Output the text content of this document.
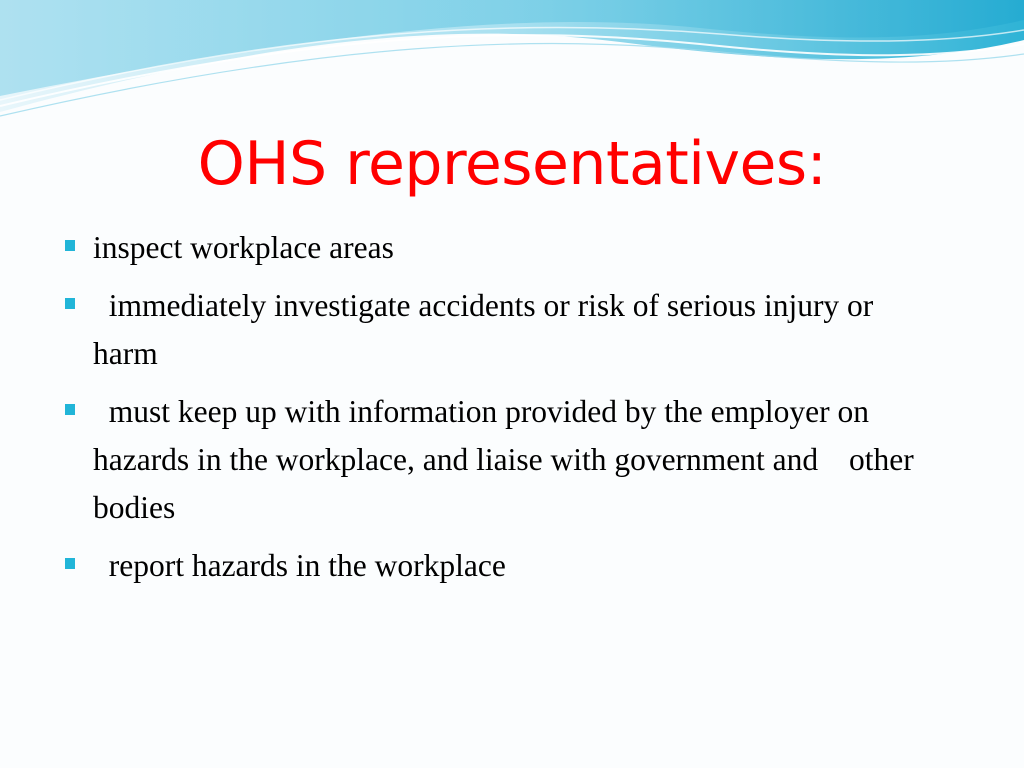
OHS representatives:
inspect workplace areas
immediately investigate accidents or risk of serious injury or	harm
must keep up with information provided by the employer on	hazards in the workplace, and liaise with government and	other bodies
report hazards in the workplace
